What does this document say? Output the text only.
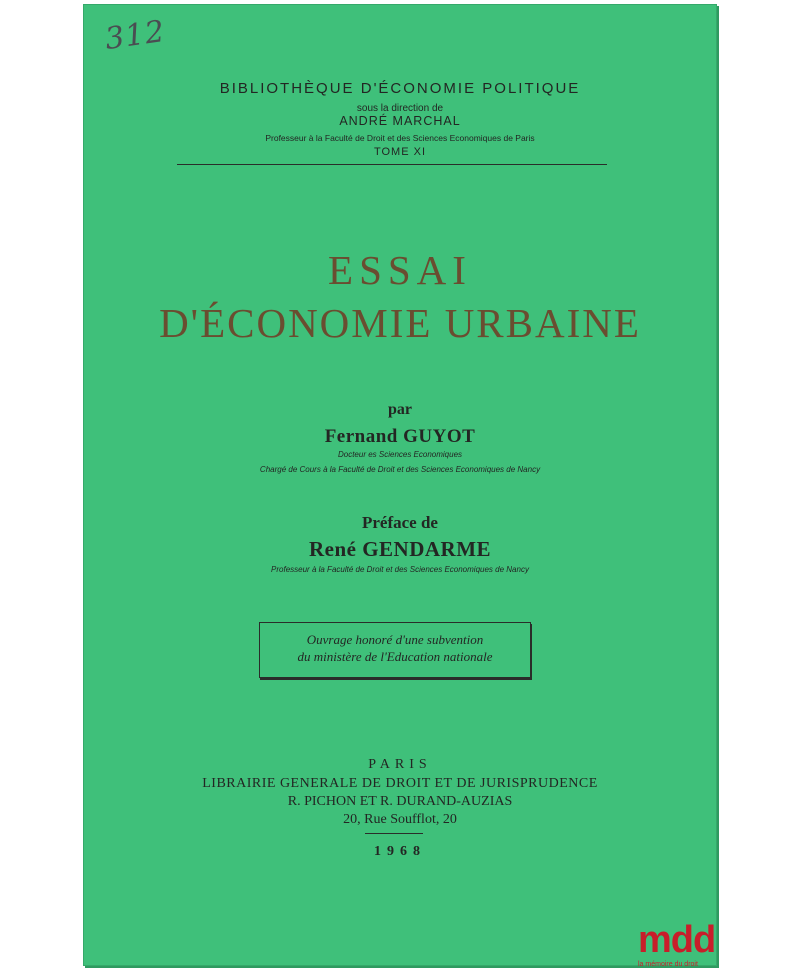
312
BIBLIOTHÈQUE D'ÉCONOMIE POLITIQUE
sous la direction de
ANDRÉ MARCHAL
Professeur à la Faculté de Droit et des Sciences Economiques de Paris
TOME XI
ESSAI
D'ÉCONOMIE URBAINE
par
Fernand GUYOT
Docteur es Sciences Economiques
Chargé de Cours à la Faculté de Droit et des Sciences Economiques de Nancy
Préface de
René GENDARME
Professeur à la Faculté de Droit et des Sciences Economiques de Nancy
Ouvrage honoré d'une subvention
du ministère de l'Education nationale
PARIS
LIBRAIRIE GENERALE DE DROIT ET DE JURISPRUDENCE
R. PICHON ET R. DURAND-AUZIAS
20, Rue Soufflot, 20
1968
mdd
la mémoire du droit
